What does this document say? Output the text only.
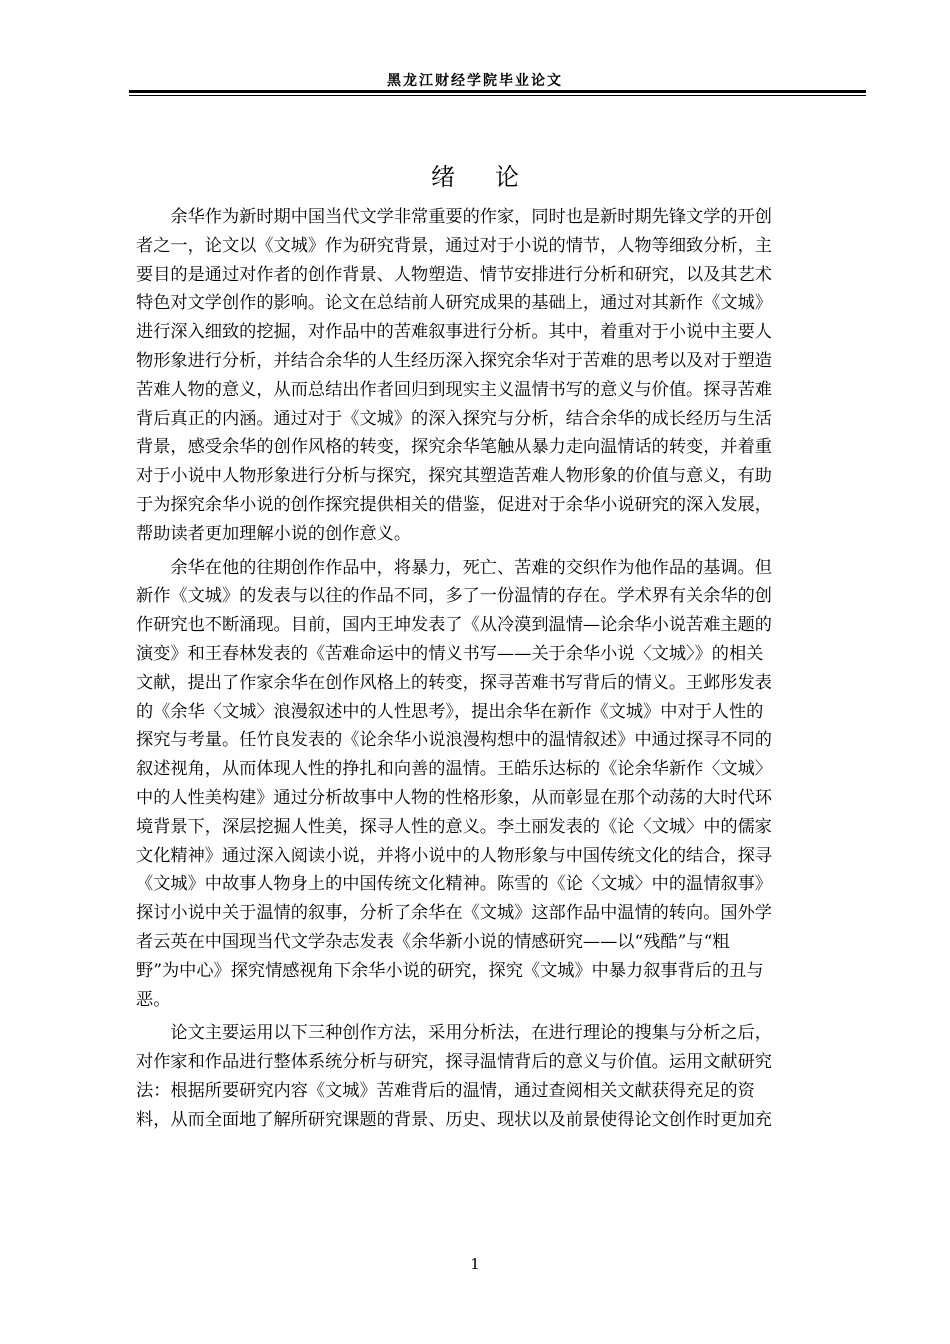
黑龙江财经学院毕业论文
绪论
　　余华作为新时期中国当代文学非常重要的作家，同时也是新时期先锋文学的开创
者之一，论文以《文城》作为研究背景，通过对于小说的情节，人物等细致分析，主
要目的是通过对作者的创作背景、人物塑造、情节安排进行分析和研究，以及其艺术
特色对文学创作的影响。论文在总结前人研究成果的基础上，通过对其新作《文城》
进行深入细致的挖掘，对作品中的苦难叙事进行分析。其中，着重对于小说中主要人
物形象进行分析，并结合余华的人生经历深入探究余华对于苦难的思考以及对于塑造
苦难人物的意义，从而总结出作者回归到现实主义温情书写的意义与价值。探寻苦难
背后真正的内涵。通过对于《文城》的深入探究与分析，结合余华的成长经历与生活
背景，感受余华的创作风格的转变，探究余华笔触从暴力走向温情话的转变，并着重
对于小说中人物形象进行分析与探究，探究其塑造苦难人物形象的价值与意义，有助
于为探究余华小说的创作探究提供相关的借鉴，促进对于余华小说研究的深入发展，
帮助读者更加理解小说的创作意义。
　　余华在他的往期创作作品中，将暴力，死亡、苦难的交织作为他作品的基调。但
新作《文城》的发表与以往的作品不同，多了一份温情的存在。学术界有关余华的创
作研究也不断涌现。目前，国内王坤发表了《从冷漠到温情—论余华小说苦难主题的
演变》和王春林发表的《苦难命运中的情义书写——关于余华小说〈文城〉》的相关
文献，提出了作家余华在创作风格上的转变，探寻苦难书写背后的情义。王邺彤发表
的《余华〈文城〉浪漫叙述中的人性思考》，提出余华在新作《文城》中对于人性的
探究与考量。任竹良发表的《论余华小说浪漫构想中的温情叙述》中通过探寻不同的
叙述视角，从而体现人性的挣扎和向善的温情。王皓乐达标的《论余华新作〈文城〉
中的人性美构建》通过分析故事中人物的性格形象，从而彰显在那个动荡的大时代环
境背景下，深层挖掘人性美，探寻人性的意义。李土丽发表的《论〈文城〉中的儒家
文化精神》通过深入阅读小说，并将小说中的人物形象与中国传统文化的结合，探寻
《文城》中故事人物身上的中国传统文化精神。陈雪的《论〈文城〉中的温情叙事》
探讨小说中关于温情的叙事，分析了余华在《文城》这部作品中温情的转向。国外学
者云英在中国现当代文学杂志发表《余华新小说的情感研究——以“残酷”与“粗
野”为中心》探究情感视角下余华小说的研究，探究《文城》中暴力叙事背后的丑与
恶。
　　论文主要运用以下三种创作方法，采用分析法，在进行理论的搜集与分析之后，
对作家和作品进行整体系统分析与研究，探寻温情背后的意义与价值。运用文献研究
法：根据所要研究内容《文城》苦难背后的温情，通过查阅相关文献获得充足的资
料，从而全面地了解所研究课题的背景、历史、现状以及前景使得论文创作时更加充
1
